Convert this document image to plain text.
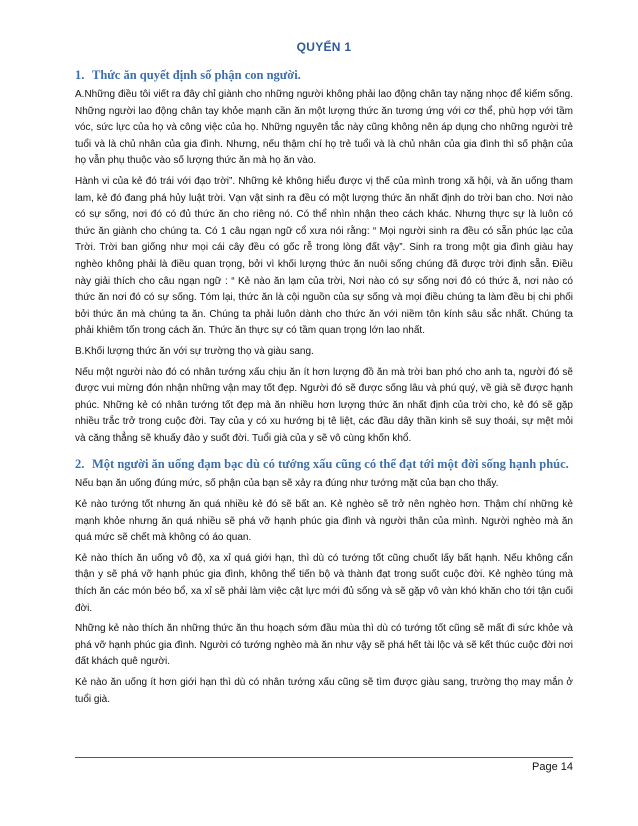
QUYỂN 1
1. Thức ăn quyết định số phận con người.

A.Những điều tôi viết ra đây chỉ giành cho những người không phải lao động chân tay nặng nhọc để kiếm sống. Những người lao động chân tay khỏe mạnh cần ăn một lượng thức ăn tương ứng với cơ thể, phù hợp với tầm vóc, sức lực của họ và công việc của họ. Những nguyên tắc này cũng không nên áp dụng cho những người trẻ tuổi và là chủ nhân của gia đình. Nhưng, nếu thậm chí họ trẻ tuổi và là chủ nhân của gia đình thì số phận của họ vẫn phụ thuộc vào số lượng thức ăn mà họ ăn vào.

Hành vi của kẻ đó trái với đạo trời”. Những kẻ không hiểu được vị thế của mình trong xã hội, và ăn uống tham lam, kẻ đó đang phá hủy luật trời. Vạn vật sinh ra đều có một lượng thức ăn nhất định do trời ban cho. Nơi nào có sự sống, nơi đó có đủ thức ăn cho riêng nó. Có thể nhìn nhận theo cách khác. Nhưng thực sự là luôn có thức ăn giành cho chúng ta. Có 1 câu ngạn ngữ cổ xưa nói rằng: “ Mọi người sinh ra đều có sẵn phúc lạc của Trời. Trời ban giống như mọi cái cây đều có gốc rễ trong lòng đất vậy”. Sinh ra trong một gia đình giàu hay nghèo không phải là điều quan trọng, bởi vì khối lượng thức ăn nuôi sống chúng đã được trời định sẵn. Điều này giải thích cho câu ngạn ngữ : “ Kẻ nào ăn lạm của trời, Nơi nào có sự sống nơi đó có thức ă, nơi nào có thức ăn nơi đó có sự sống. Tóm lại, thức ăn là cội nguồn của sự sống và mọi điều chúng ta làm đều bị chi phối bởi thức ăn mà chúng ta ăn. Chúng ta phải luôn dành cho thức ăn với niềm tôn kính sâu sắc nhất. Chúng ta phải khiêm tốn trong cách ăn. Thức ăn thực sự có tầm quan trọng lớn lao nhất.

B.Khối lượng thức ăn với sự trường thọ và giàu sang.

Nếu một người nào đó có nhân tướng xấu chịu ăn ít hơn lượng đồ ăn mà trời ban phó cho anh ta, người đó sẽ được vui mừng đón nhận những vận may tốt đẹp. Người đó sẽ được sống lâu và phú quý, về già sẽ được hạnh phúc. Những kẻ có nhân tướng tốt đẹp mà ăn nhiều hơn lượng thức ăn nhất định của trời cho, kẻ đó sẽ gặp nhiều trắc trở trong cuộc đời. Tay của y có xu hướng bị tê liệt, các đầu dây thần kinh sẽ suy thoái, sự mệt mỏi và căng thẳng sẽ khuấy đảo y suốt đời. Tuổi già của y sẽ vô cùng khốn khổ.

2. Một người ăn uống đạm bạc dù có tướng xấu cũng có thể đạt tới một đời sống hạnh phúc.

Nếu bạn ăn uống đúng mức, số phận của bạn sẽ xảy ra đúng như tướng mặt của bạn cho thấy.

Kẻ nào tướng tốt nhưng ăn quá nhiều kẻ đó sẽ bất an. Kẻ nghèo sẽ trở nên nghèo hơn. Thậm chí những kẻ mạnh khỏe nhưng ăn quá nhiều sẽ phá vỡ hạnh phúc gia đình và người thân của mình. Người nghèo mà ăn quá mức sẽ chết mà không có áo quan.

Kẻ nào thích ăn uống vô độ, xa xỉ quá giới hạn, thì dù có tướng tốt cũng chuốt lấy bất hạnh. Nếu không cẩn thận y sẽ phá vỡ hạnh phúc gia đình, không thể tiến bộ và thành đạt trong suốt cuộc đời. Kẻ nghèo túng mà thích ăn các món béo bổ, xa xỉ sẽ phải làm việc cật lực mới đủ sống và sẽ gặp vô vàn khó khăn cho tới tận cuối đời.

Những kẻ nào thích ăn những thức ăn thu hoạch sớm đầu mùa thì dù có tướng tốt cũng sẽ mất đi sức khỏe và phá vỡ hạnh phúc gia đình. Người có tướng nghèo mà ăn như vậy sẽ phá hết tài lộc và sẽ kết thúc cuộc đời nơi đất khách quê người.

Kẻ nào ăn uống ít hơn giới hạn thì dù có nhân tướng xấu cũng sẽ tìm được giàu sang, trường thọ may mắn ở tuổi già.

Page 14
